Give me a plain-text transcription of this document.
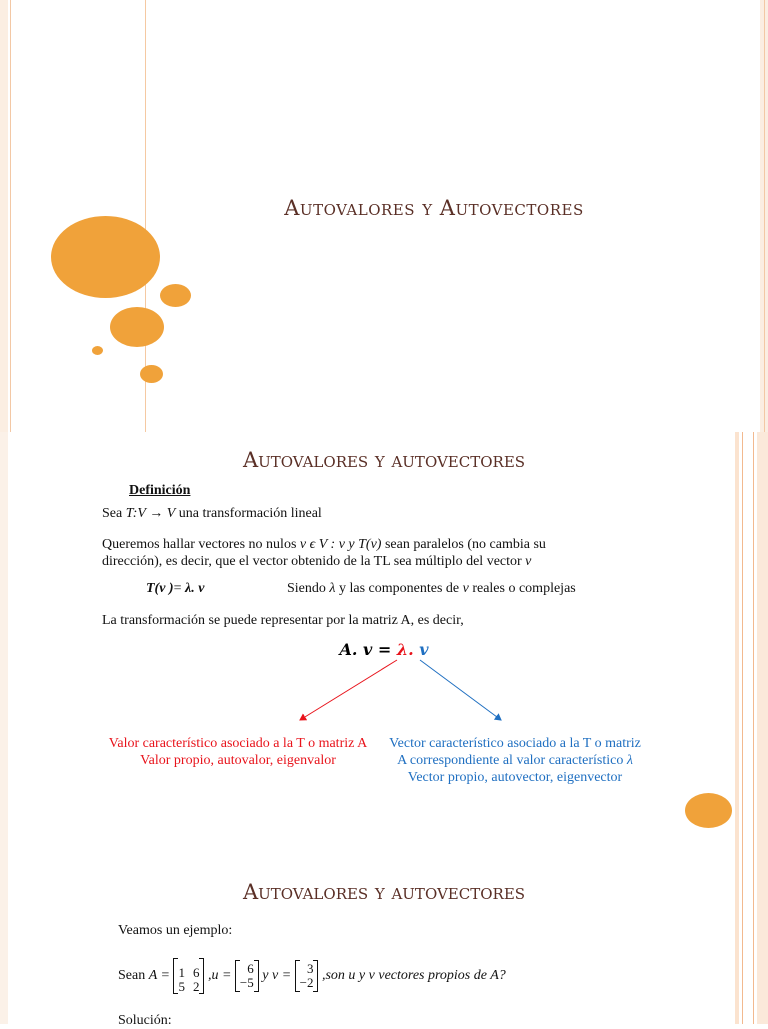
Autovalores y Autovectores
Autovalores y autovectores
Definición
Sea T:V → V una transformación lineal
Queremos hallar vectores no nulos v ϵ V : v y T(v) sean paralelos (no cambia su
dirección), es decir, que el vector obtenido de la TL sea múltiplo del vector v
T(v )= λ. v	Siendo λ y las componentes de v reales o complejas
La transformación se puede representar por la matriz A, es decir,
A. v = λ. v
Valor característico asociado a la T o matriz A Valor propio, autovalor, eigenvalor
Vector característico asociado a la T o matriz
A correspondiente al valor característico λ
Vector propio, autovector, eigenvector
Autovalores y autovectores
Veamos un ejemplo:
Sean A = 1 6
5 2
,u = 6
−5 y v = 3
−2 ,son u y v vectores propios de A?
Solución:
